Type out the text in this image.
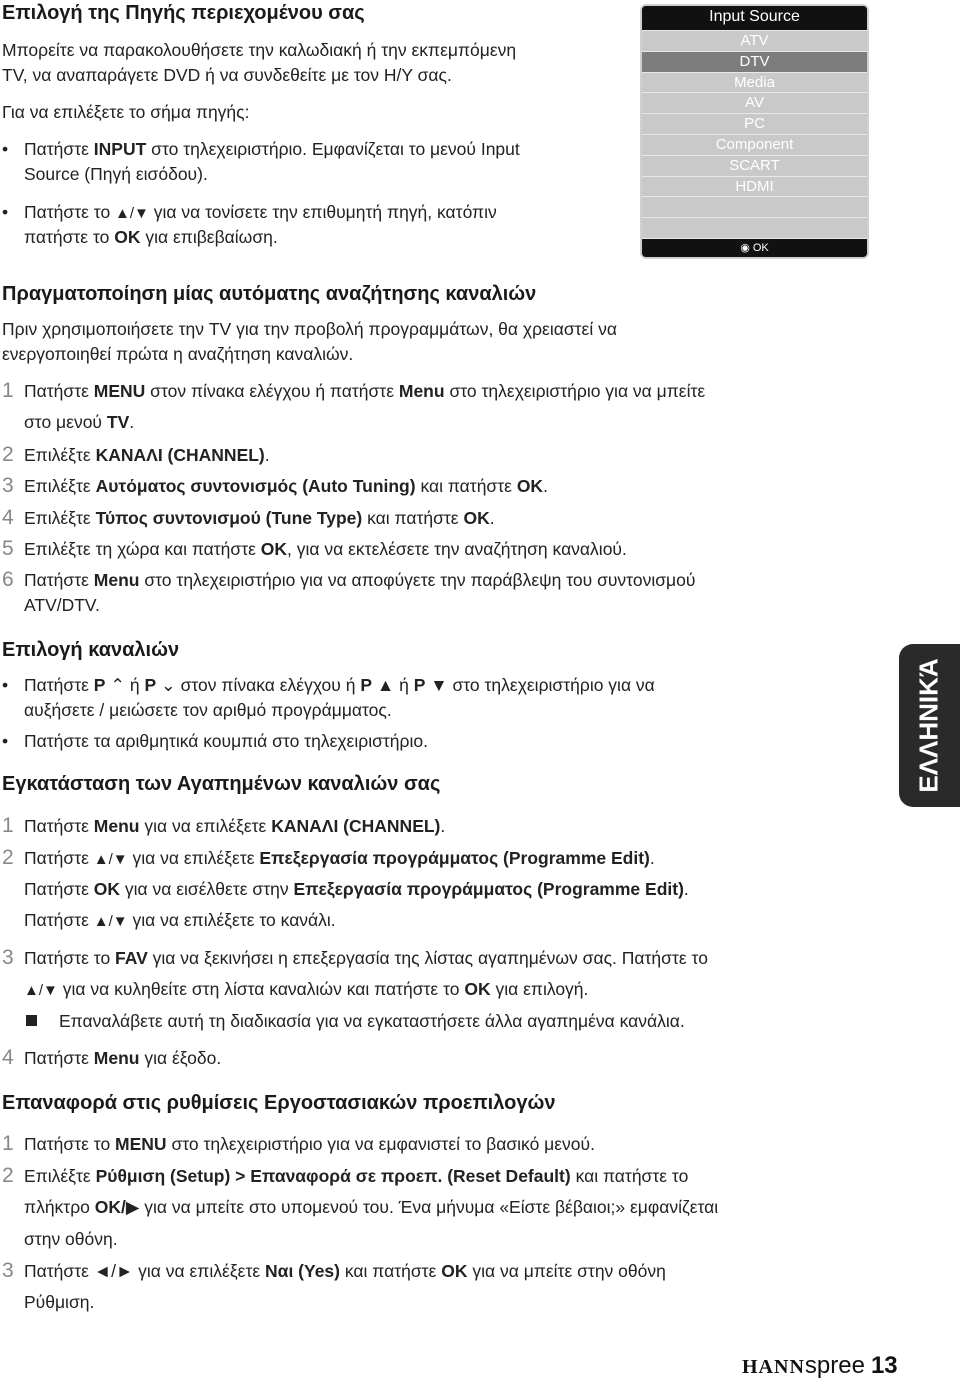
Επιλογή της Πηγής περιεχομένου σας
Μπορείτε να παρακολουθήσετε την καλωδιακή ή την εκπεμπόμενη
TV, να αναπαράγετε DVD ή να συνδεθείτε με τον Η/Υ σας.
Για να επιλέξετε το σήμα πηγής:
• Πατήστε INPUT στο τηλεχειριστήριο. Εμφανίζεται το μενού Input
Source (Πηγή εισόδου).
• Πατήστε το ▲/▼ για να τονίσετε την επιθυμητή πηγή, κατόπιν
πατήστε το OK για επιβεβαίωση.
Input Source
ATV
DTV
Media
AV
PC
Component
SCART
HDMI
◉ OK
Πραγματοποίηση μίας αυτόματης αναζήτησης καναλιών
Πριν χρησιμοποιήσετε την TV για την προβολή προγραμμάτων, θα χρειαστεί να
ενεργοποιηθεί πρώτα η αναζήτηση καναλιών.
1 Πατήστε MENU στον πίνακα ελέγχου ή πατήστε Menu στο τηλεχειριστήριο για να μπείτε
στο μενού TV.
2 Επιλέξτε ΚΑΝΑΛΙ (CHANNEL).
3 Επιλέξτε Αυτόματος συντονισμός (Auto Tuning) και πατήστε OK.
4 Επιλέξτε Τύπος συντονισμού (Tune Type) και πατήστε OK.
5 Επιλέξτε τη χώρα και πατήστε OK, για να εκτελέσετε την αναζήτηση καναλιού.
6 Πατήστε Menu στο τηλεχειριστήριο για να αποφύγετε την παράβλεψη του συντονισμού
ATV/DTV.
Επιλογή καναλιών
• Πατήστε P ⌃ ή P ⌄ στον πίνακα ελέγχου ή P ▲ ή P ▼ στο τηλεχειριστήριο για να
αυξήσετε / μειώσετε τον αριθμό προγράμματος.
• Πατήστε τα αριθμητικά κουμπιά στο τηλεχειριστήριο.
Εγκατάσταση των Αγαπημένων καναλιών σας
1 Πατήστε Menu για να επιλέξετε ΚΑΝΑΛΙ (CHANNEL).
2 Πατήστε ▲/▼ για να επιλέξετε Επεξεργασία προγράμματος (Programme Edit).
Πατήστε OK για να εισέλθετε στην Επεξεργασία προγράμματος (Programme Edit).
Πατήστε ▲/▼ για να επιλέξετε το κανάλι.
3 Πατήστε το FAV για να ξεκινήσει η επεξεργασία της λίστας αγαπημένων σας. Πατήστε το
▲/▼ για να κυληθείτε στη λίστα καναλιών και πατήστε το OK για επιλογή.
Επαναλάβετε αυτή τη διαδικασία για να εγκαταστήσετε άλλα αγαπημένα κανάλια.
4 Πατήστε Menu για έξοδο.
Επαναφορά στις ρυθμίσεις Εργοστασιακών προεπιλογών
1 Πατήστε το MENU στο τηλεχειριστήριο για να εμφανιστεί το βασικό μενού.
2 Επιλέξτε Ρύθμιση (Setup) > Επαναφορά σε προεπ. (Reset Default) και πατήστε το
πλήκτρο OK/▶ για να μπείτε στο υπομενού του. Ένα μήνυμα «Είστε βέβαιοι;» εμφανίζεται
στην οθόνη.
3 Πατήστε ◄/► για να επιλέξετε Ναι (Yes) και πατήστε OK για να μπείτε στην οθόνη
Ρύθμιση.
ΕΛΛΗΝΙΚΆ
HANNspree 13
